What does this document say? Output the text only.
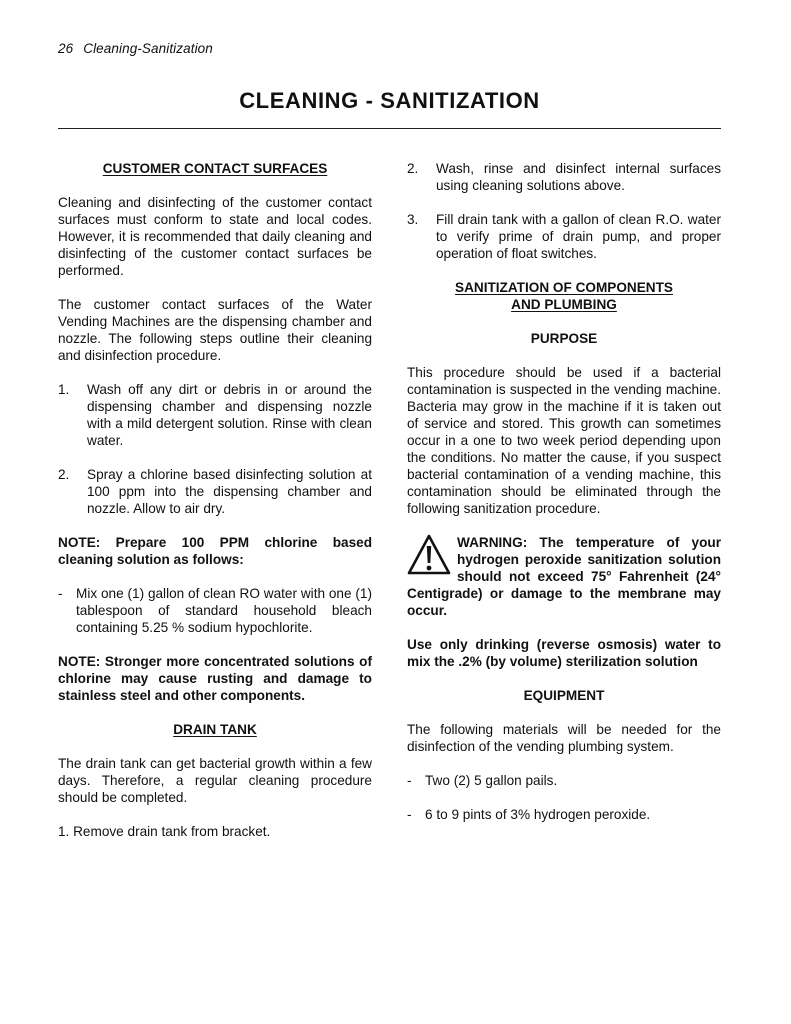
26 Cleaning-Sanitization
CLEANING - SANITIZATION

CUSTOMER CONTACT SURFACES

Cleaning and disinfecting of the customer contact surfaces must conform to state and local codes. However, it is recommended that daily cleaning and disinfecting of the customer contact surfaces be performed.

The customer contact surfaces of the Water Vending Machines are the dispensing chamber and nozzle. The following steps outline their cleaning and disinfection procedure.

1.	Wash off any dirt or debris in or around the dispensing chamber and dispensing nozzle with a mild detergent solution. Rinse with clean water.
2.	Spray a chlorine based disinfecting solution at 100 ppm into the dispensing chamber and nozzle. Allow to air dry.

NOTE: Prepare 100 PPM chlorine based cleaning solution as follows:

- Mix one (1) gallon of clean RO water with one (1) tablespoon of standard household bleach containing 5.25 % sodium hypochlorite.

NOTE: Stronger more concentrated solutions of chlorine may cause rusting and damage to stainless steel and other components.

DRAIN TANK

The drain tank can get bacterial growth within a few days. Therefore, a regular cleaning procedure should be completed.

1. Remove drain tank from bracket.

2.	Wash, rinse and disinfect internal surfaces using cleaning solutions above.
3.	Fill drain tank with a gallon of clean R.O. water to verify prime of drain pump, and proper operation of float switches.

SANITIZATION OF COMPONENTS

AND PLUMBING

PURPOSE

This procedure should be used if a bacterial contamination is suspected in the vending machine. Bacteria may grow in the machine if it is taken out of service and stored. This growth can sometimes occur in a one to two week period depending upon the conditions. No matter the cause, if you suspect bacterial contamination of a vending machine, this contamination should be eliminated through the following sanitization procedure.

WARNING: The temperature of your hydrogen peroxide sanitization solution should not exceed 75° Fahrenheit (24° Centigrade) or damage to the membrane may occur.

Use only drinking (reverse osmosis) water to mix the .2% (by volume) sterilization solution

EQUIPMENT

The following materials will be needed for the disinfection of the vending plumbing system.

- Two (2) 5 gallon pails.
- 6 to 9 pints of 3% hydrogen peroxide.
